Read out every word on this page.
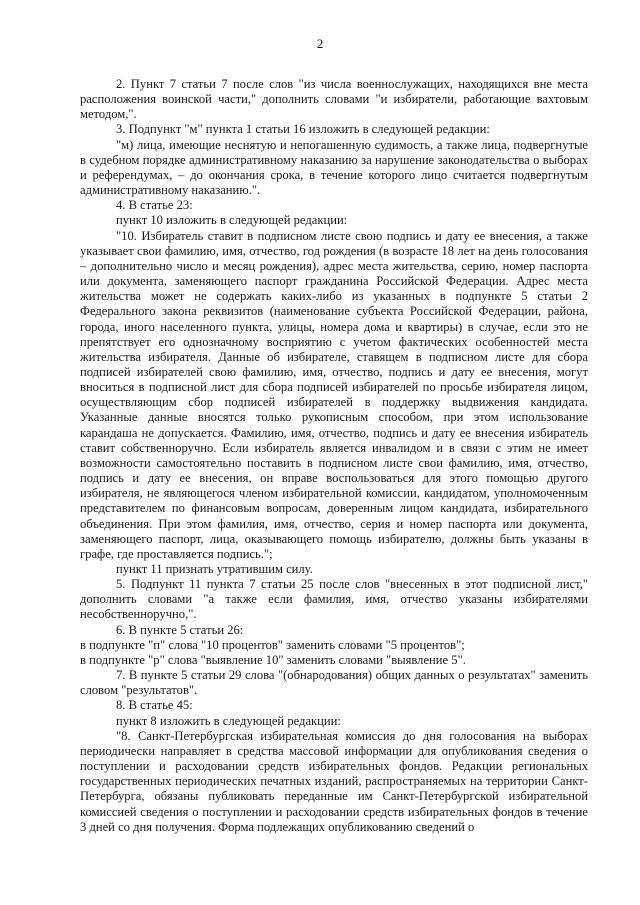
2

2. Пункт 7 статьи 7 после слов "из числа военнослужащих, находящихся вне места расположения воинской части," дополнить словами "и избиратели, работающие вахтовым методом,".

3. Подпункт "м" пункта 1 статьи 16 изложить в следующей редакции:

"м) лица, имеющие неснятую и непогашенную судимость, а также лица, подвергнутые в судебном порядке административному наказанию за нарушение законодательства о выборах и референдумах, – до окончания срока, в течение которого лицо считается подвергнутым административному наказанию.".

4. В статье 23:

пункт 10 изложить в следующей редакции:

"10. Избиратель ставит в подписном листе свою подпись и дату ее внесения, а также указывает свои фамилию, имя, отчество, год рождения (в возрасте 18 лет на день голосования – дополнительно число и месяц рождения), адрес места жительства, серию, номер паспорта или документа, заменяющего паспорт гражданина Российской Федерации. Адрес места жительства может не содержать каких-либо из указанных в подпункте 5 статьи 2 Федерального закона реквизитов (наименование субъекта Российской Федерации, района, города, иного населенного пункта, улицы, номера дома и квартиры) в случае, если это не препятствует его однозначному восприятию с учетом фактических особенностей места жительства избирателя. Данные об избирателе, ставящем в подписном листе для сбора подписей избирателей свою фамилию, имя, отчество, подпись и дату ее внесения, могут вноситься в подписной лист для сбора подписей избирателей по просьбе избирателя лицом, осуществляющим сбор подписей избирателей в поддержку выдвижения кандидата. Указанные данные вносятся только рукописным способом, при этом использование карандаша не допускается. Фамилию, имя, отчество, подпись и дату ее внесения избиратель ставит собственноручно. Если избиратель является инвалидом и в связи с этим не имеет возможности самостоятельно поставить в подписном листе свои фамилию, имя, отчество, подпись и дату ее внесения, он вправе воспользоваться для этого помощью другого избирателя, не являющегося членом избирательной комиссии, кандидатом, уполномоченным представителем по финансовым вопросам, доверенным лицом кандидата, избирательного объединения. При этом фамилия, имя, отчество, серия и номер паспорта или документа, заменяющего паспорт, лица, оказывающего помощь избирателю, должны быть указаны в графе, где проставляется подпись.";

пункт 11 признать утратившим силу.

5. Подпункт 11 пункта 7 статьи 25 после слов "внесенных в этот подписной лист," дополнить словами "а также если фамилия, имя, отчество указаны избирателями несобственноручно,".

6. В пункте 5 статьи 26:

в подпункте "п" слова "10 процентов" заменить словами "5 процентов";

в подпункте "р" слова "выявление 10" заменить словами "выявление 5".

7. В пункте 5 статьи 29 слова "(обнародования) общих данных о результатах" заменить словом "результатов".

8. В статье 45:

пункт 8 изложить в следующей редакции:

"8. Санкт-Петербургская избирательная комиссия до дня голосования на выборах периодически направляет в средства массовой информации для опубликования сведения о поступлении и расходовании средств избирательных фондов. Редакции региональных государственных периодических печатных изданий, распространяемых на территории Санкт-Петербурга, обязаны публиковать переданные им Санкт-Петербургской избирательной комиссией сведения о поступлении и расходовании средств избирательных фондов в течение 3 дней со дня получения. Форма подлежащих опубликованию сведений о
